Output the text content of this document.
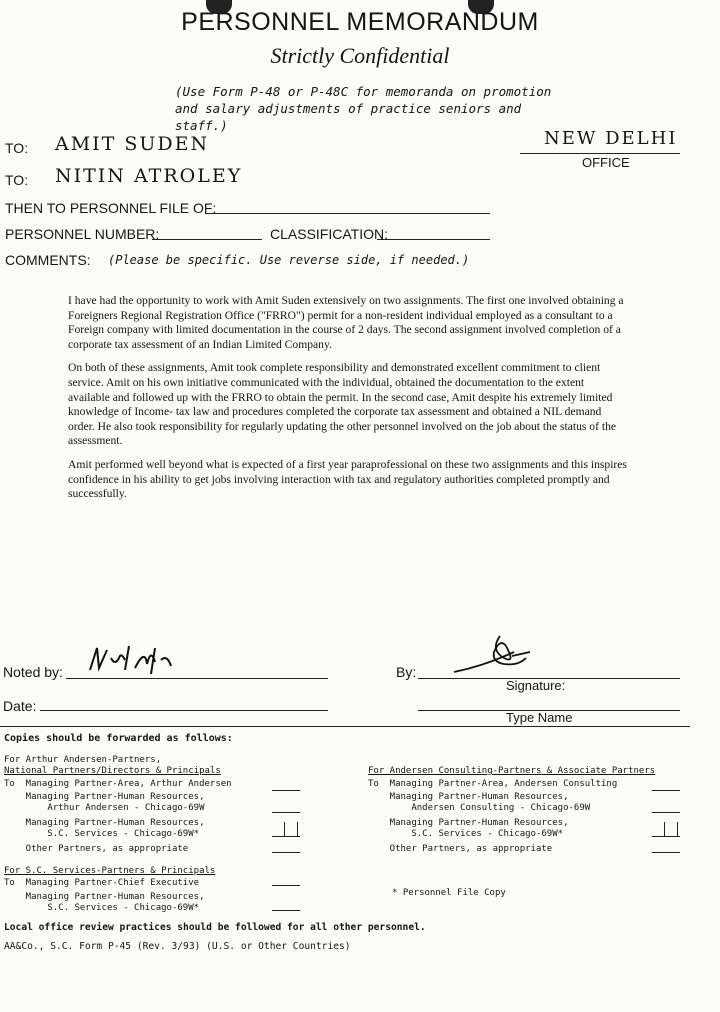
PERSONNEL MEMORANDUM
Strictly Confidential
(Use Form P-48 or P-48C for memoranda on promotion
and salary adjustments of practice seniors and staff.)
NEW DELHI
OFFICE
TO: AMIT SUDEN
TO: NITIN ATROLEY
THEN TO PERSONNEL FILE OF:
PERSONNEL NUMBER:	CLASSIFICATION:
COMMENTS: (Please be specific. Use reverse side, if needed.)

I have had the opportunity to work with Amit Suden extensively on two assignments. The first one involved obtaining a Foreigners Regional Registration Office ("FRRO") permit for a non-resident individual employed as a consultant to a Foreign company with limited documentation in the course of 2 days. The second assignment involved completion of a corporate tax assessment of an Indian Limited Company.

On both of these assignments, Amit took complete responsibility and demonstrated excellent commitment to client service. Amit on his own initiative communicated with the individual, obtained the documentation to the extent available and followed up with the FRRO to obtain the permit. In the second case, Amit despite his extremely limited knowledge of Income- tax law and procedures completed the corporate tax assessment and obtained a NIL demand order. He also took responsibility for regularly updating the other personnel involved on the job about the status of the assessment.

Amit performed well beyond what is expected of a first year paraprofessional on these two assignments and this inspires confidence in his ability to get jobs involving interaction with tax and regulatory authorities completed promptly and successfully.

Noted by:	By:
Signature:
Date:
Type Name
Copies should be forwarded as follows:
For Arthur Andersen-Partners,
National Partners/Directors & Principals
To  Managing Partner-Area, Arthur Andersen
Managing Partner-Human Resources,
Arthur Andersen - Chicago-69W
Managing Partner-Human Resources,
S.C. Services - Chicago-69W*
Other Partners, as appropriate
For S.C. Services-Partners & Principals
To  Managing Partner-Chief Executive
Managing Partner-Human Resources,
S.C. Services - Chicago-69W*
For Andersen Consulting-Partners & Associate Partners
To  Managing Partner-Area, Andersen Consulting
Managing Partner-Human Resources,
Andersen Consulting - Chicago-69W
Managing Partner-Human Resources,
S.C. Services - Chicago-69W*
Other Partners, as appropriate
* Personnel File Copy
Local office review practices should be followed for all other personnel.
AA&Co., S.C. Form P-45 (Rev. 3/93) (U.S. or Other Countries)
